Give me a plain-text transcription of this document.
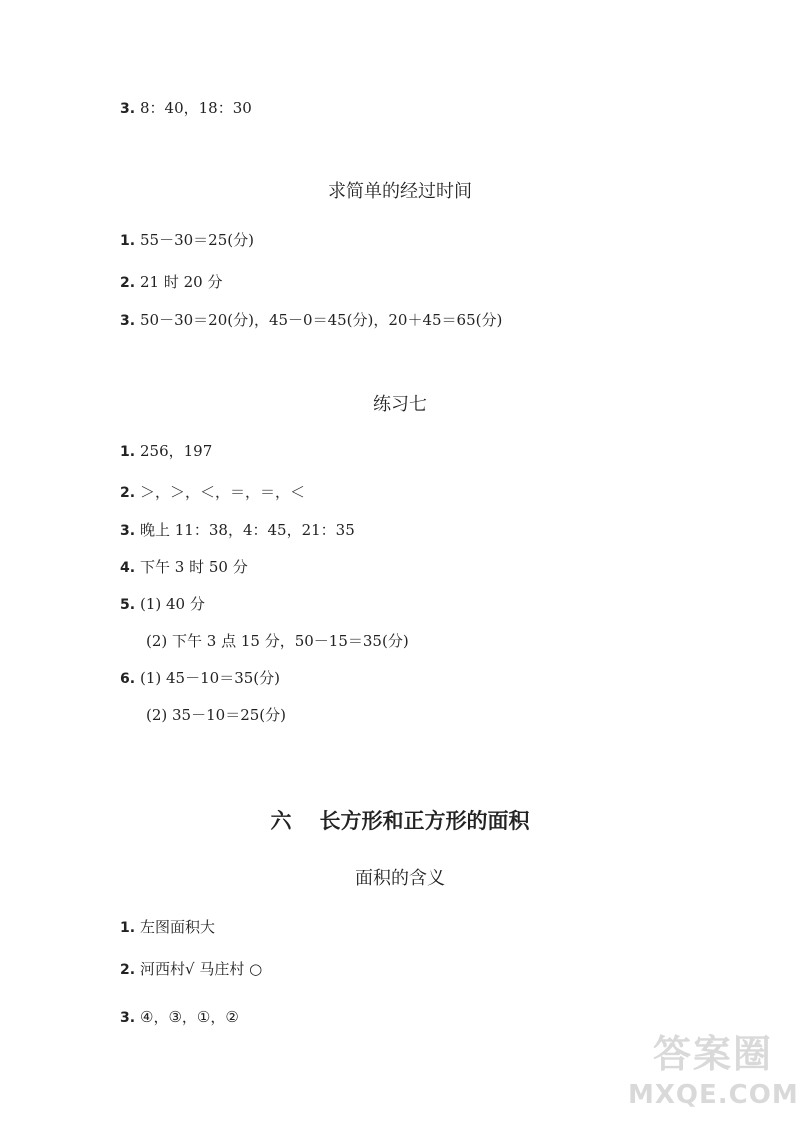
3. 8：40，18：30
求简单的经过时间
1. 55－30＝25(分)
2. 21 时 20 分
3. 50－30＝20(分)，45－0＝45(分)，20＋45＝65(分)
练习七
1. 256，197
2. ＞，＞，＜，＝，＝，＜
3. 晚上 11：38，4：45，21：35
4. 下午 3 时 50 分
5. (1) 40 分
(2) 下午 3 点 15 分，50－15＝35(分)
6. (1) 45－10＝35(分)
(2) 35－10＝25(分)
六 长方形和正方形的面积
面积的含义
1. 左图面积大
2. 河西村√ 马庄村 ○
3. ④，③，①，②
答案圈
MXQE.COM
